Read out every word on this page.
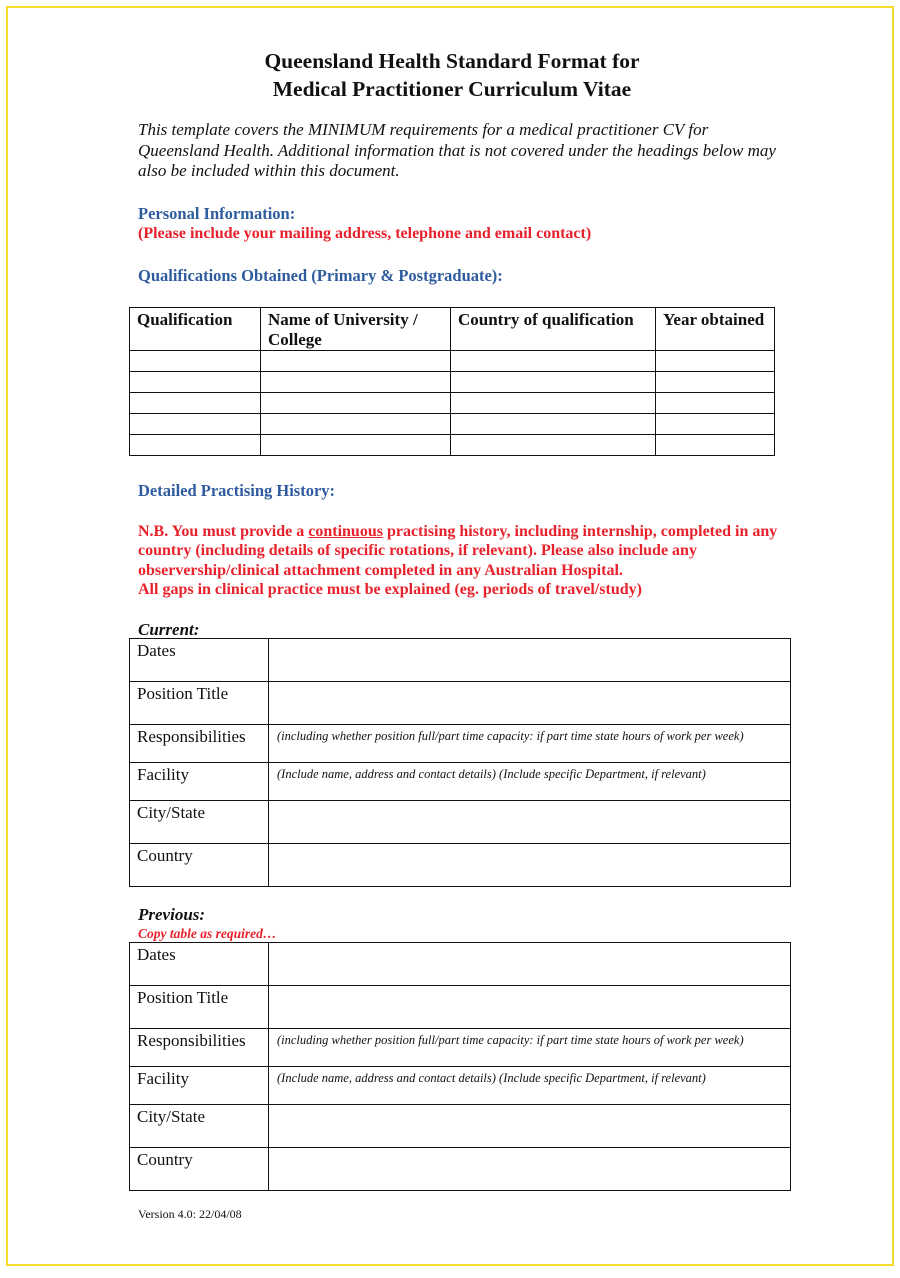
Queensland Health Standard Format for
Medical Practitioner Curriculum Vitae
This template covers the MINIMUM requirements for a medical practitioner CV for Queensland Health. Additional information that is not covered under the headings below may also be included within this document.
Personal Information:
(Please include your mailing address, telephone and email contact)
Qualifications Obtained (Primary & Postgraduate):
Qualification	Name of University / College	Country of qualification	Year obtained

Detailed Practising History:
N.B. You must provide a continuous practising history, including internship, completed in any country (including details of specific rotations, if relevant). Please also include any observership/clinical attachment completed in any Australian Hospital.
All gaps in clinical practice must be explained (eg. periods of travel/study)
Current:
Dates	
Position Title	
Responsibilities	(including whether position full/part time capacity: if part time state hours of work per week)
Facility	(Include name, address and contact details) (Include specific Department, if relevant)
City/State	
Country	
Previous:
Copy table as required…
Dates	
Position Title	
Responsibilities	(including whether position full/part time capacity: if part time state hours of work per week)
Facility	(Include name, address and contact details) (Include specific Department, if relevant)
City/State	
Country	
Version 4.0: 22/04/08
